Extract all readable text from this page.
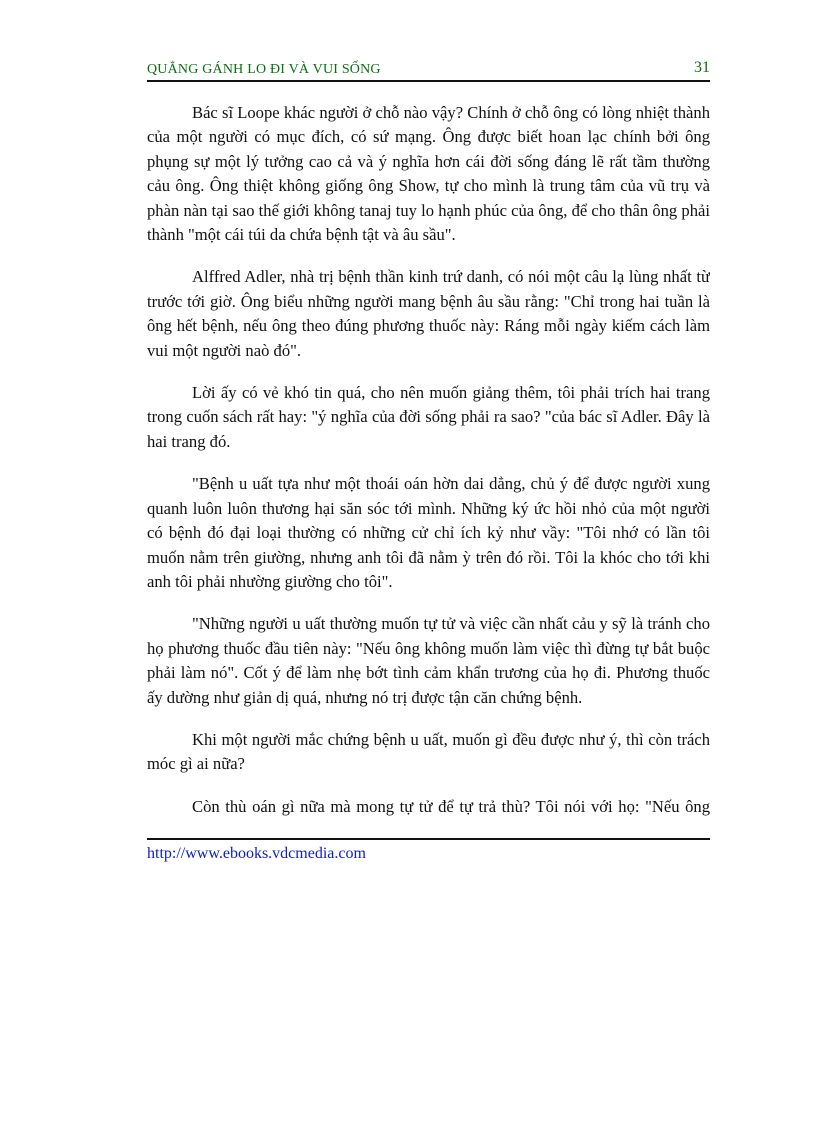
QUẲNG GÁNH LO ĐI VÀ VUI SỐNG	31

Bác sĩ Loope khác người ở chỗ nào vậy? Chính ở chỗ ông có lòng nhiệt thành của một người có mục đích, có sứ mạng. Ông được biết hoan lạc chính bởi ông phụng sự một lý tưởng cao cả và ý nghĩa hơn cái đời sống đáng lẽ rất tầm thường cảu ông. Ông thiệt không giống ông Show, tự cho mình là trung tâm của vũ trụ và phàn nàn tại sao thế giới không tanaj tuy lo hạnh phúc của ông, để cho thân ông phải thành "một cái túi da chứa bệnh tật và âu sầu".

Alffred Adler, nhà trị bệnh thần kinh trứ danh, có nói một câu lạ lùng nhất từ trước tới giờ. Ông biểu những người mang bệnh âu sầu rằng: "Chỉ trong hai tuần là ông hết bệnh, nếu ông theo đúng phương thuốc này: Ráng mỗi ngày kiếm cách làm vui một người naò đó".

Lời ấy có vẻ khó tin quá, cho nên muốn giảng thêm, tôi phải trích hai trang trong cuốn sách rất hay: "ý nghĩa của đời sống phải ra sao? "của bác sĩ Adler. Đây là hai trang đó.

"Bệnh u uất tựa như một thoái oán hờn dai dẳng, chủ ý để được người xung quanh luôn luôn thương hại săn sóc tới mình. Những ký ức hồi nhỏ của một người có bệnh đó đại loại thường có những cử chỉ ích kỷ như vầy: "Tôi nhớ có lần tôi muốn nằm trên giường, nhưng anh tôi đã nằm ỳ trên đó rồi. Tôi la khóc cho tới khi anh tôi phải nhường giường cho tôi".

"Những người u uất thường muốn tự tử và việc cần nhất cảu y sỹ là tránh cho họ phương thuốc đầu tiên này: "Nếu ông không muốn làm việc thì đừng tự bắt buộc phải làm nó". Cốt ý để làm nhẹ bớt tình cảm khẩn trương của họ đi. Phương thuốc ấy dường như giản dị quá, nhưng nó trị được tận căn chứng bệnh.

Khi một người mắc chứng bệnh u uất, muốn gì đều được như ý, thì còn trách móc gì ai nữa?

Còn thù oán gì nữa mà mong tự tử để tự trả thù? Tôi nói với họ: "Nếu ông

http://www.ebooks.vdcmedia.com
